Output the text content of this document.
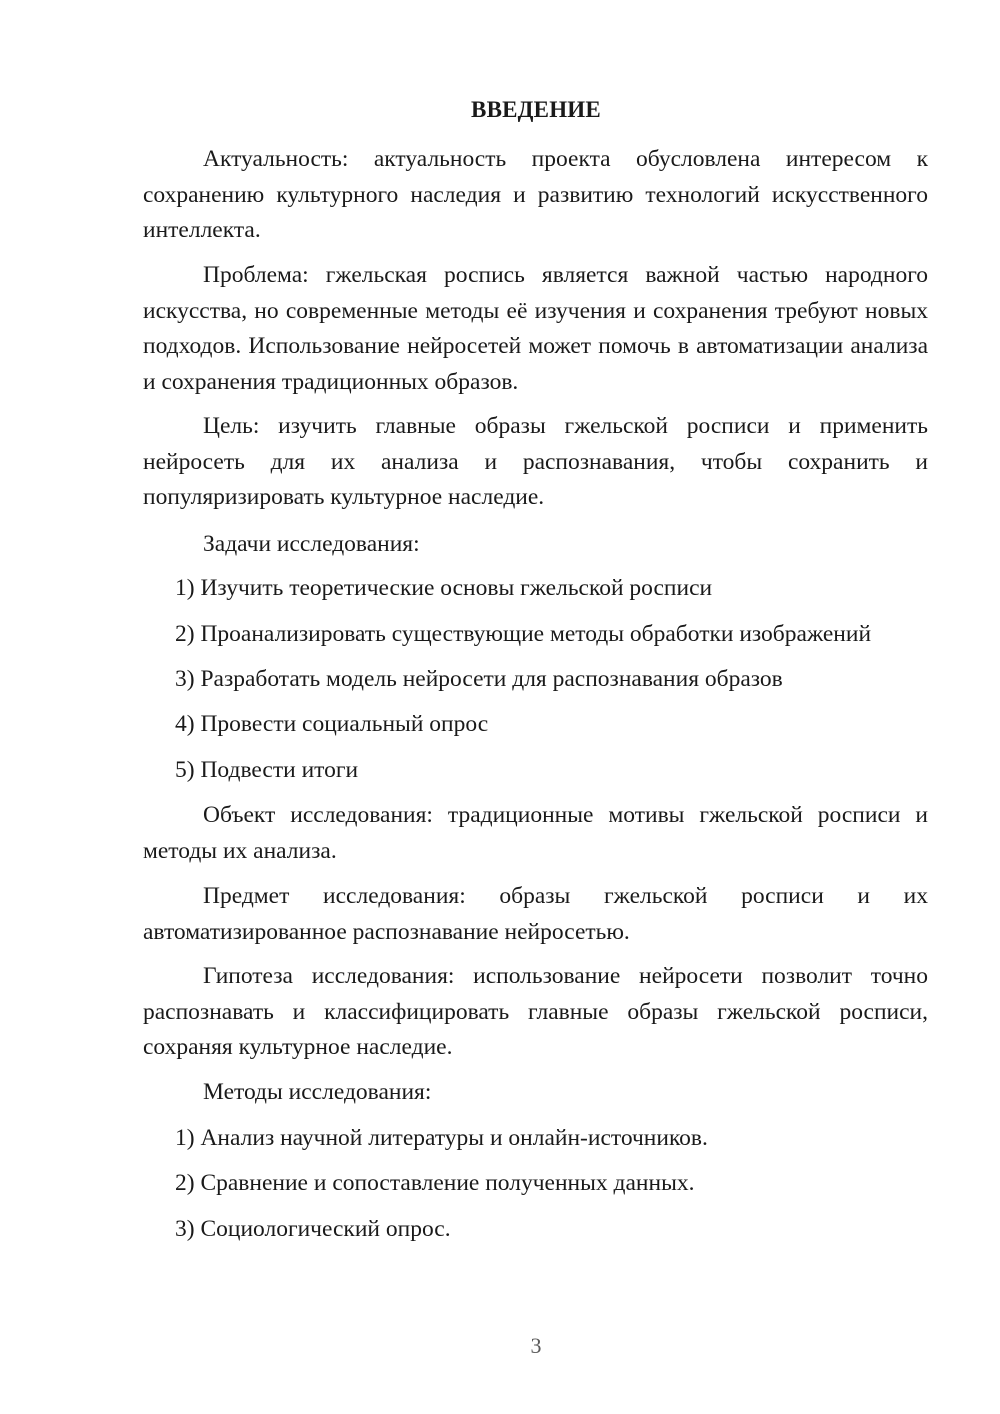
ВВЕДЕНИЕ
Актуальность: актуальность проекта обусловлена интересом к сохранению культурного наследия и развитию технологий искусственного интеллекта.
Проблема: гжельская роспись является важной частью народного искусства, но современные методы её изучения и сохранения требуют новых подходов. Использование нейросетей может помочь в автоматизации анализа и сохранения традиционных образов.
Цель: изучить главные образы гжельской росписи и применить нейросеть для их анализа и распознавания, чтобы сохранить и популяризировать культурное наследие.
Задачи исследования:
1) Изучить теоретические основы гжельской росписи
2) Проанализировать существующие методы обработки изображений
3) Разработать модель нейросети для распознавания образов
4) Провести социальный опрос
5) Подвести итоги
Объект исследования: традиционные мотивы гжельской росписи и методы их анализа.
Предмет исследования: образы гжельской росписи и их автоматизированное распознавание нейросетью.
Гипотеза исследования: использование нейросети позволит точно распознавать и классифицировать главные образы гжельской росписи, сохраняя культурное наследие.
Методы исследования:
1) Анализ научной литературы и онлайн-источников.
2) Сравнение и сопоставление полученных данных.
3) Социологический опрос.
3
